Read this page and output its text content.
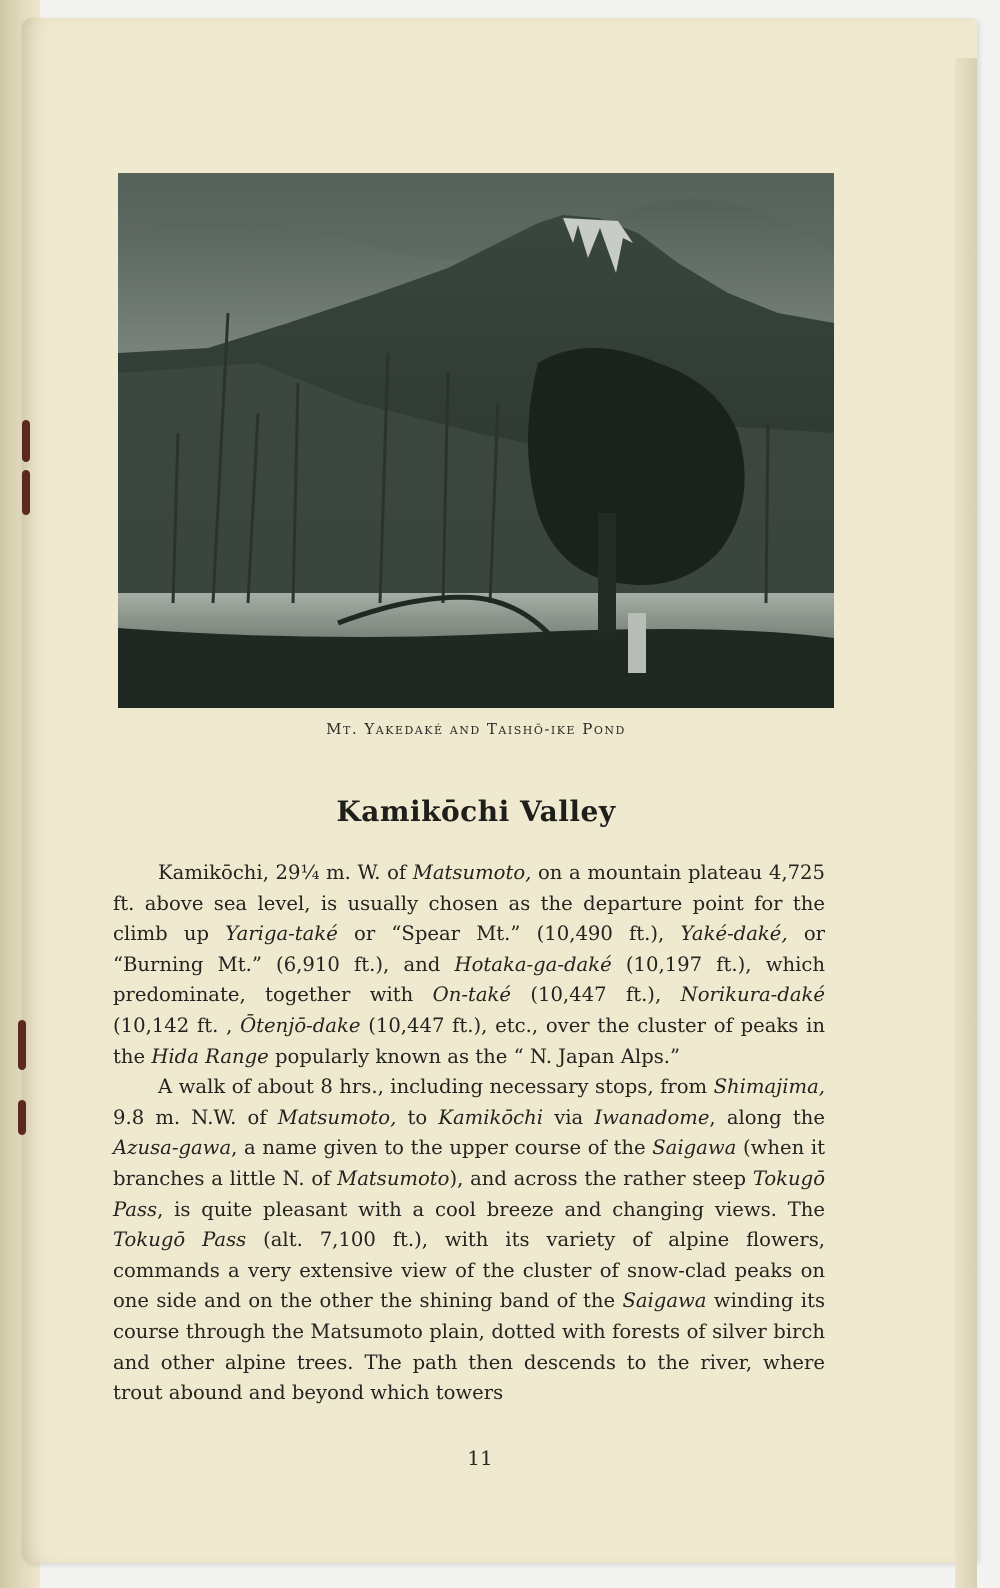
Mt. Yakedaké and Taishō-ike Pond
Kamikōchi Valley

Kamikōchi, 29¼ m. W. of Matsumoto, on a mountain plateau 4,725 ft. above sea level, is usually chosen as the departure point for the climb up Yariga-také or “Spear Mt.” (10,490 ft.), Yaké-daké, or “Burning Mt.” (6,910 ft.), and Hotaka-ga-daké (10,197 ft.), which predominate, together with On-také (10,447 ft.), Norikura-daké (10,142 ft. , Ōtenjō-dake (10,447 ft.), etc., over the cluster of peaks in the Hida Range popularly known as the “ N. Japan Alps.”

A walk of about 8 hrs., including necessary stops, from Shimajima, 9.8 m. N.W. of Matsumoto, to Kamikōchi via Iwanadome, along the Azusa-gawa, a name given to the upper course of the Saigawa (when it branches a little N. of Matsumoto), and across the rather steep Tokugō Pass, is quite pleasant with a cool breeze and changing views. The Tokugō Pass (alt. 7,100 ft.), with its variety of alpine flowers, commands a very extensive view of the cluster of snow-clad peaks on one side and on the other the shining band of the Saigawa winding its course through the Matsumoto plain, dotted with forests of silver birch and other alpine trees. The path then descends to the river, where trout abound and beyond which towers

11
